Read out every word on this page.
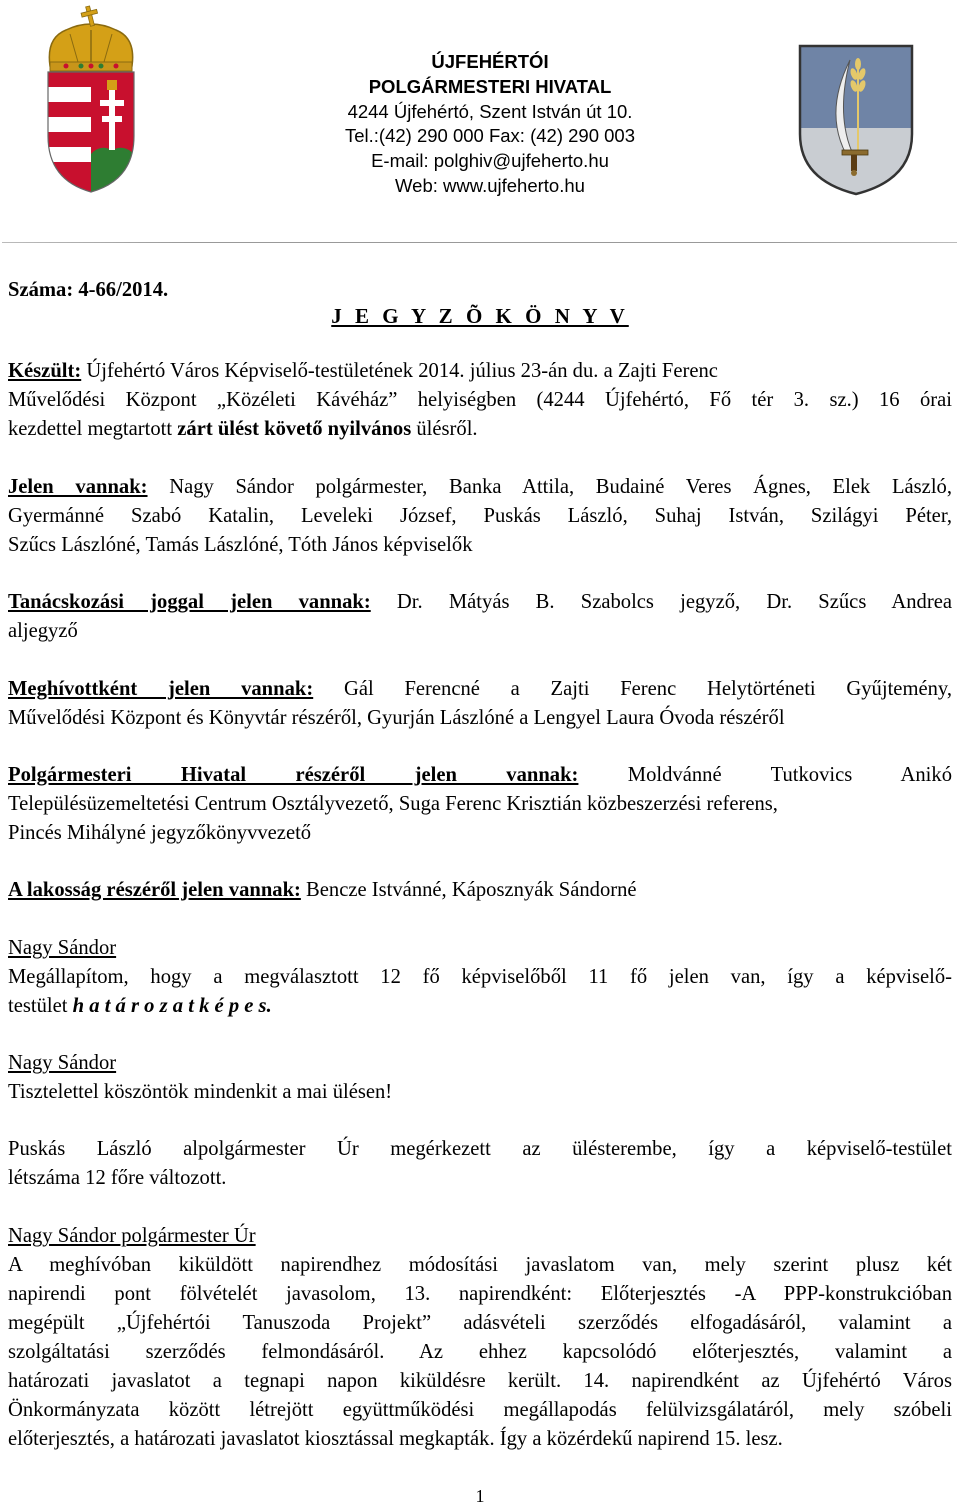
ÚJFEHÉRTÓI
POLGÁRMESTERI HIVATAL
4244 Újfehértó, Szent István út 10.
Tel.:(42) 290 000 Fax: (42) 290 003
E-mail: polghiv@ujfeherto.hu
Web: www.ujfeherto.hu
Száma: 4-66/2014.
J E G Y Z Õ K Ö N Y V
Készült: Újfehértó Város Képviselő-testületének 2014. július 23-án du. a Zajti Ferenc
Művelődési Központ „Közéleti Kávéház” helyiségben (4244 Újfehértó, Fő tér 3. sz.) 16 órai
kezdettel megtartott zárt ülést követő nyilvános ülésről.
Jelen vannak: Nagy Sándor polgármester, Banka Attila, Budainé Veres Ágnes, Elek László,
Gyermánné Szabó Katalin, Leveleki József, Puskás László, Suhaj István, Szilágyi Péter,
Szűcs Lászlóné, Tamás Lászlóné, Tóth János képviselők
Tanácskozási joggal jelen vannak: Dr. Mátyás B. Szabolcs jegyző, Dr. Szűcs Andrea
aljegyző
Meghívottként jelen vannak: Gál Ferencné a Zajti Ferenc Helytörténeti Gyűjtemény,
Művelődési Központ és Könyvtár részéről, Gyurján Lászlóné a Lengyel Laura Óvoda részéről
Polgármesteri Hivatal részéről jelen vannak: Moldvánné Tutkovics Anikó
Településüzemeltetési Centrum Osztályvezető, Suga Ferenc Krisztián közbeszerzési referens,
Pincés Mihályné jegyzőkönyvvezető
A lakosság részéről jelen vannak: Bencze Istvánné, Káposznyák Sándorné
Nagy Sándor
Megállapítom, hogy a megválasztott 12 fő képviselőből 11 fő jelen van, így a képviselő-
testület h a t á r o z a t k é p e s.
Nagy Sándor
Tisztelettel köszöntök mindenkit a mai ülésen!
Puskás László alpolgármester Úr megérkezett az ülésterembe, így a képviselő-testület
létszáma 12 főre változott.
Nagy Sándor polgármester Úr
A meghívóban kiküldött napirendhez módosítási javaslatom van, mely szerint plusz két
napirendi pont fölvételét javasolom, 13. napirendként: Előterjesztés -A PPP-konstrukcióban
megépült „Újfehértói Tanuszoda Projekt” adásvételi szerződés elfogadásáról, valamint a
szolgáltatási szerződés felmondásáról. Az ehhez kapcsolódó előterjesztés, valamint a
határozati javaslatot a tegnapi napon kiküldésre került. 14. napirendként az Újfehértó Város
Önkormányzata között létrejött együttműködési megállapodás felülvizsgálatáról, mely szóbeli
előterjesztés, a határozati javaslatot kiosztással megkapták. Így a közérdekű napirend 15. lesz.
1
